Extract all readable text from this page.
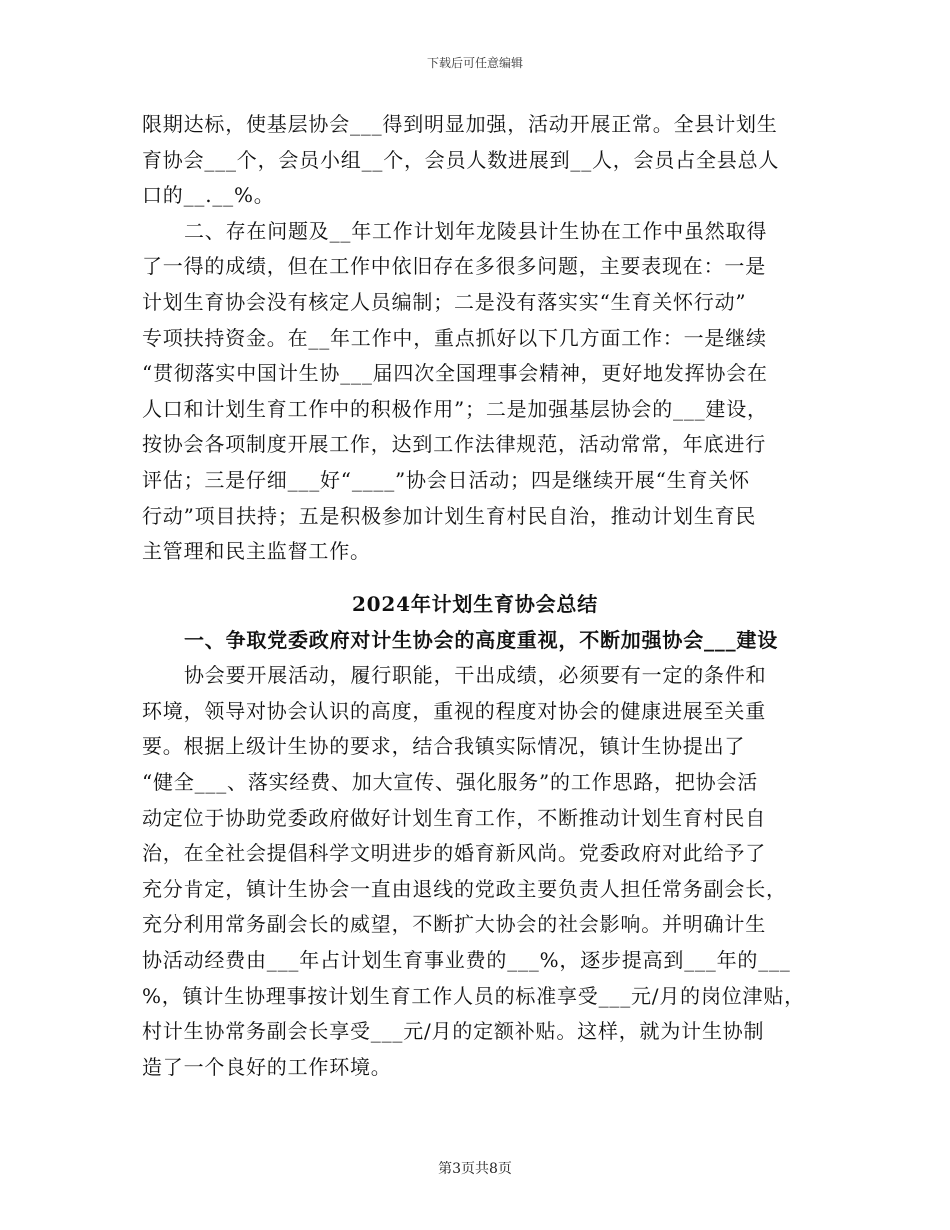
下载后可任意编辑
限期达标，使基层协会___得到明显加强，活动开展正常。全县计划生
育协会___个，会员小组__个，会员人数进展到__人，会员占全县总人
口的__.__%。
二、存在问题及__年工作计划年龙陵县计生协在工作中虽然取得
了一得的成绩，但在工作中依旧存在多很多问题，主要表现在：一是
计划生育协会没有核定人员编制；二是没有落实实“生育关怀行动”
专项扶持资金。在__年工作中，重点抓好以下几方面工作：一是继续
“贯彻落实中国计生协___届四次全国理事会精神，更好地发挥协会在
人口和计划生育工作中的积极作用”；二是加强基层协会的___建设，
按协会各项制度开展工作，达到工作法律规范，活动常常，年底进行
评估；三是仔细___好“____”协会日活动；四是继续开展“生育关怀
行动”项目扶持；五是积极参加计划生育村民自治，推动计划生育民
主管理和民主监督工作。
2024年计划生育协会总结
一、争取党委政府对计生协会的高度重视，不断加强协会___建设
协会要开展活动，履行职能，干出成绩，必须要有一定的条件和
环境，领导对协会认识的高度，重视的程度对协会的健康进展至关重
要。根据上级计生协的要求，结合我镇实际情况，镇计生协提出了
“健全___、落实经费、加大宣传、强化服务”的工作思路，把协会活
动定位于协助党委政府做好计划生育工作，不断推动计划生育村民自
治，在全社会提倡科学文明进步的婚育新风尚。党委政府对此给予了
充分肯定，镇计生协会一直由退线的党政主要负责人担任常务副会长，
充分利用常务副会长的威望，不断扩大协会的社会影响。并明确计生
协活动经费由___年占计划生育事业费的___%，逐步提高到___年的___
%，镇计生协理事按计划生育工作人员的标准享受___元/月的岗位津贴，
村计生协常务副会长享受___元/月的定额补贴。这样，就为计生协制
造了一个良好的工作环境。
第3页共8页
